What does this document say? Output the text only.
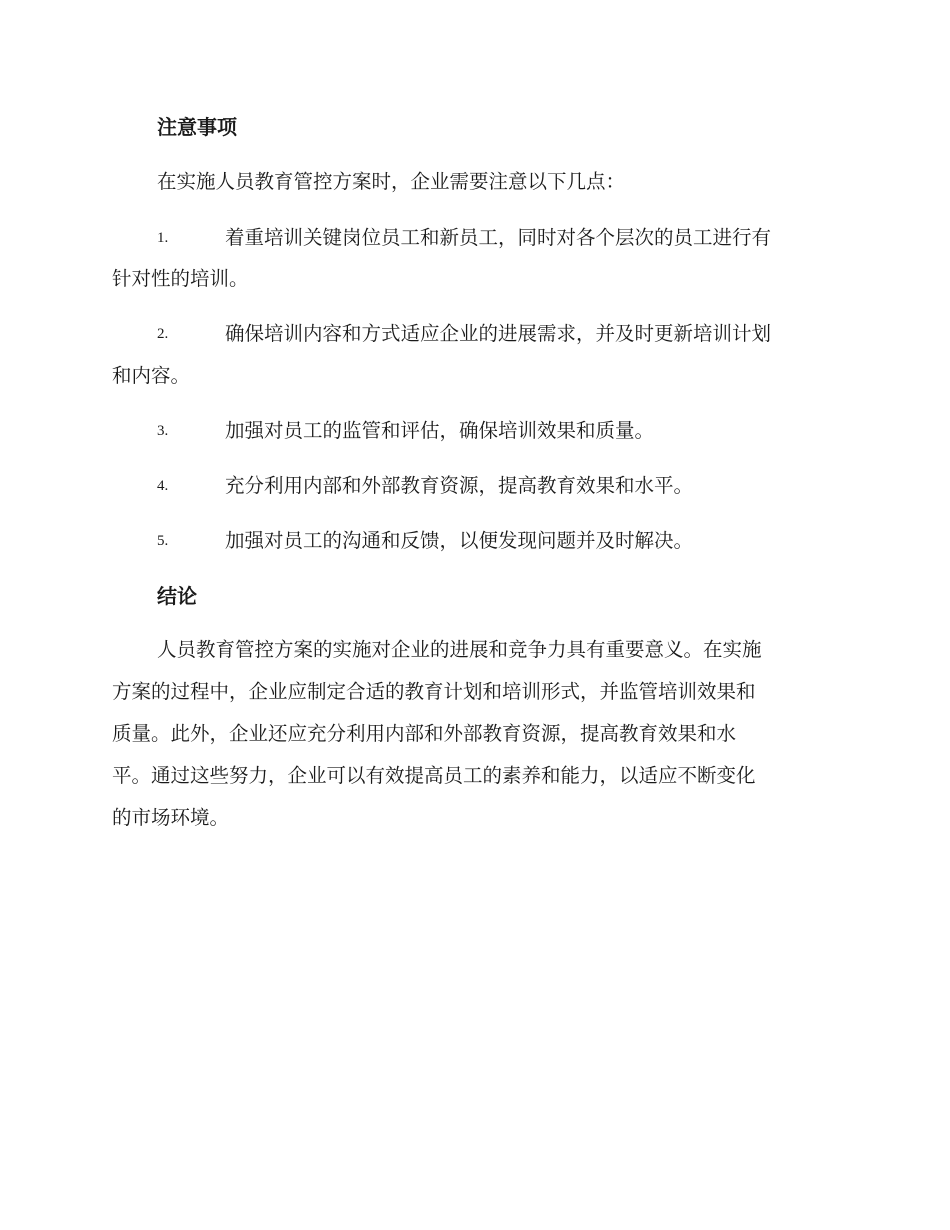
注意事项
在实施人员教育管控方案时，企业需要注意以下几点：
1.	着重培训关键岗位员工和新员工，同时对各个层次的员工进行有
针对性的培训。
2.	确保培训内容和方式适应企业的进展需求，并及时更新培训计划
和内容。
3.	加强对员工的监管和评估，确保培训效果和质量。
4.	充分利用内部和外部教育资源，提高教育效果和水平。
5.	加强对员工的沟通和反馈，以便发现问题并及时解决。
结论
人员教育管控方案的实施对企业的进展和竞争力具有重要意义。在实施
方案的过程中，企业应制定合适的教育计划和培训形式，并监管培训效果和
质量。此外，企业还应充分利用内部和外部教育资源，提高教育效果和水
平。通过这些努力，企业可以有效提高员工的素养和能力，以适应不断变化
的市场环境。
